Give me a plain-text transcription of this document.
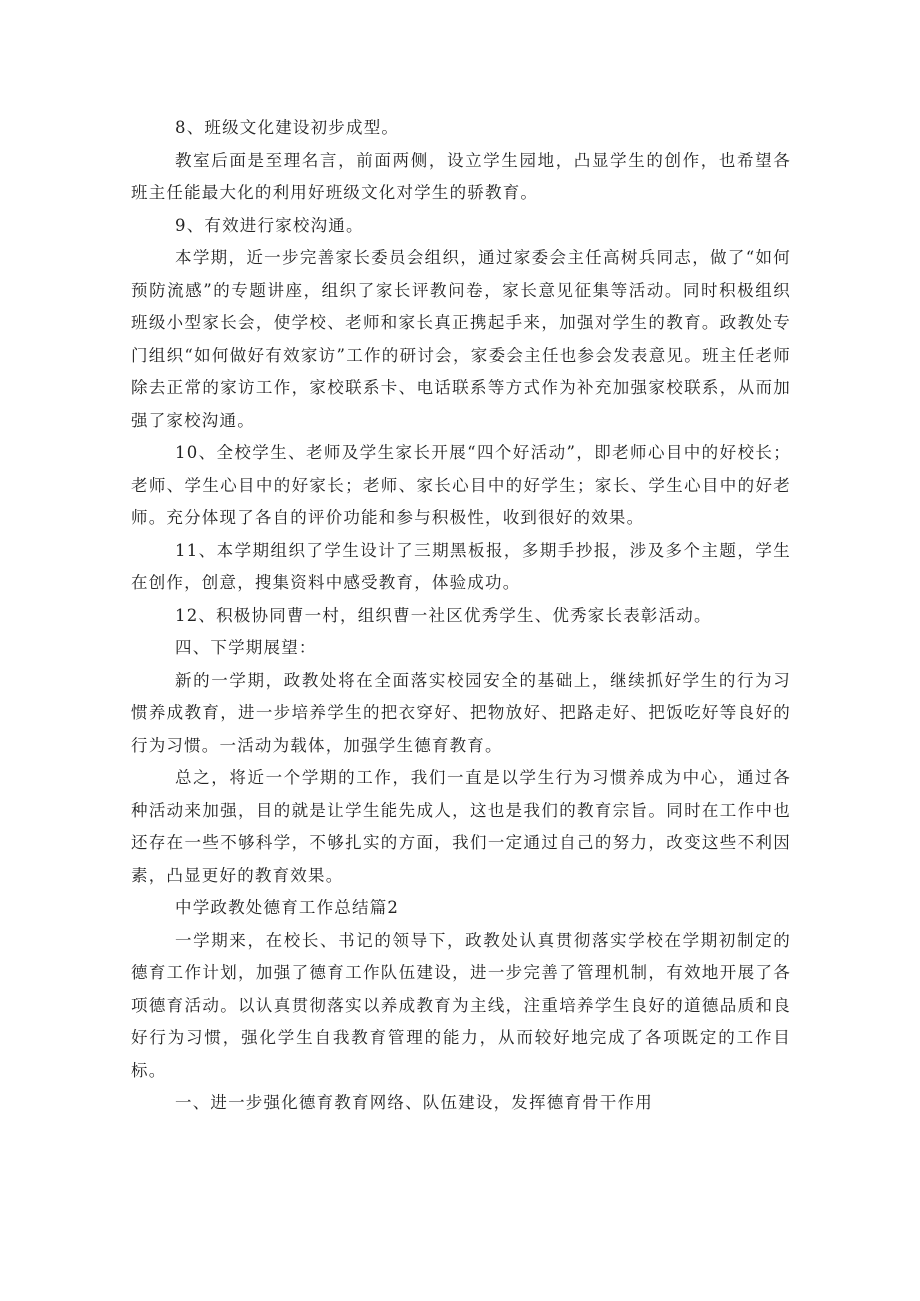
8、班级文化建设初步成型。

教室后面是至理名言，前面两侧，设立学生园地，凸显学生的创作，也希望各班主任能最大化的利用好班级文化对学生的骄教育。

9、有效进行家校沟通。

本学期，近一步完善家长委员会组织，通过家委会主任高树兵同志，做了“如何预防流感”的专题讲座，组织了家长评教问卷，家长意见征集等活动。同时积极组织班级小型家长会，使学校、老师和家长真正携起手来，加强对学生的教育。政教处专门组织“如何做好有效家访”工作的研讨会，家委会主任也参会发表意见。班主任老师除去正常的家访工作，家校联系卡、电话联系等方式作为补充加强家校联系，从而加强了家校沟通。

10、全校学生、老师及学生家长开展“四个好活动”，即老师心目中的好校长；老师、学生心目中的好家长；老师、家长心目中的好学生；家长、学生心目中的好老师。充分体现了各自的评价功能和参与积极性，收到很好的效果。

11、本学期组织了学生设计了三期黑板报，多期手抄报，涉及多个主题，学生在创作，创意，搜集资料中感受教育，体验成功。

12、积极协同曹一村，组织曹一社区优秀学生、优秀家长表彰活动。

四、下学期展望：

新的一学期，政教处将在全面落实校园安全的基础上，继续抓好学生的行为习惯养成教育，进一步培养学生的把衣穿好、把物放好、把路走好、把饭吃好等良好的行为习惯。一活动为载体，加强学生德育教育。

总之，将近一个学期的工作，我们一直是以学生行为习惯养成为中心，通过各种活动来加强，目的就是让学生能先成人，这也是我们的教育宗旨。同时在工作中也还存在一些不够科学，不够扎实的方面，我们一定通过自己的努力，改变这些不利因素，凸显更好的教育效果。

中学政教处德育工作总结篇2

一学期来，在校长、书记的领导下，政教处认真贯彻落实学校在学期初制定的德育工作计划，加强了德育工作队伍建设，进一步完善了管理机制，有效地开展了各项德育活动。以认真贯彻落实以养成教育为主线，注重培养学生良好的道德品质和良好行为习惯，强化学生自我教育管理的能力，从而较好地完成了各项既定的工作目标。

一、进一步强化德育教育网络、队伍建设，发挥德育骨干作用
